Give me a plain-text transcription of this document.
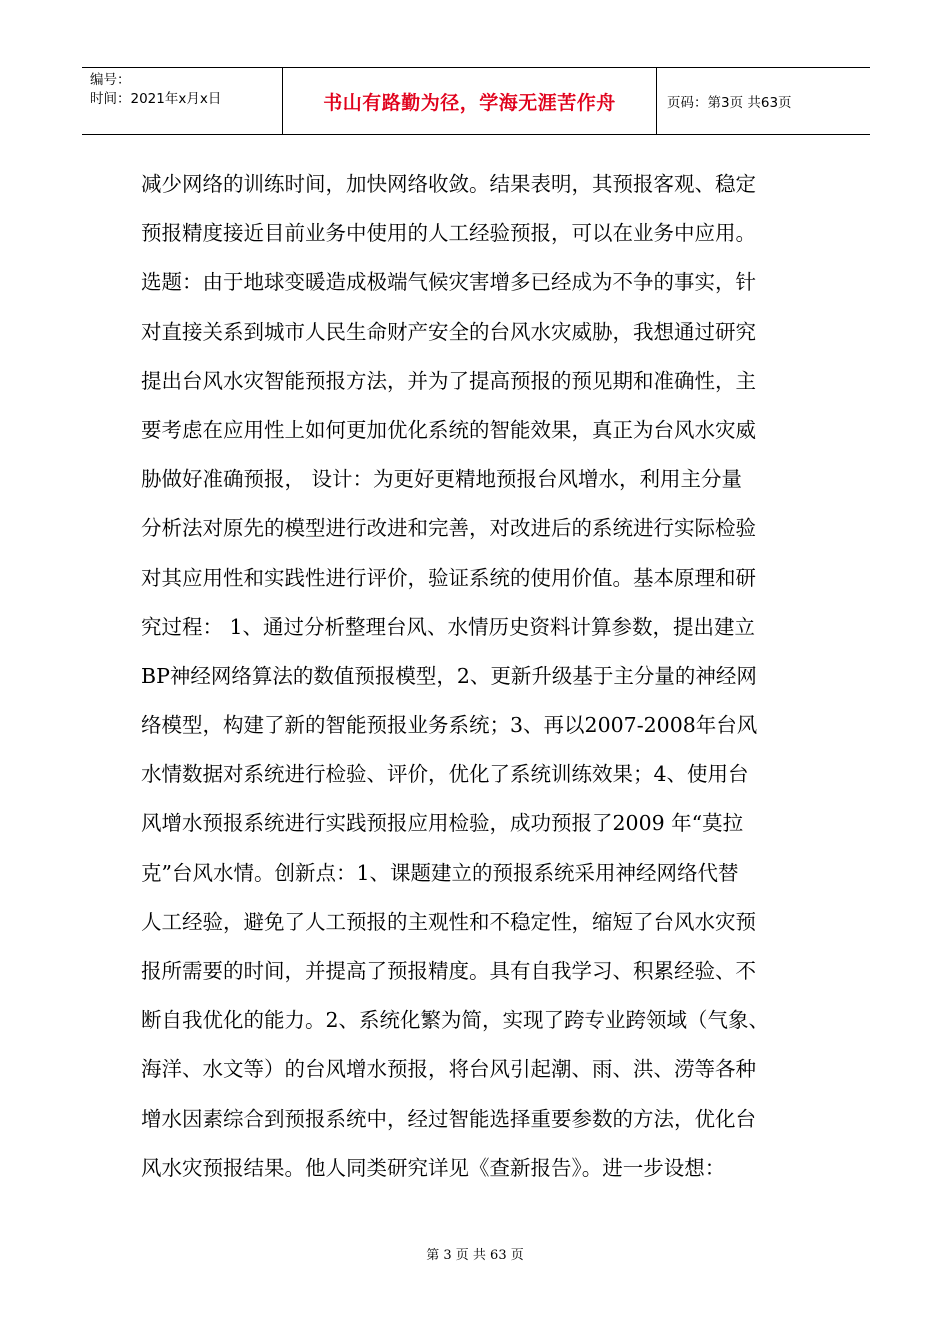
编号：
时间：2021年x月x日	书山有路勤为径，学海无涯苦作舟	页码：第3页 共63页
减少网络的训练时间，加快网络收敛。结果表明，其预报客观、稳定
预报精度接近目前业务中使用的人工经验预报，可以在业务中应用。
选题：由于地球变暖造成极端气候灾害增多已经成为不争的事实，针
对直接关系到城市人民生命财产安全的台风水灾威胁，我想通过研究
提出台风水灾智能预报方法，并为了提高预报的预见期和准确性，主
要考虑在应用性上如何更加优化系统的智能效果，真正为台风水灾威
胁做好准确预报， 设计：为更好更精地预报台风增水，利用主分量
分析法对原先的模型进行改进和完善，对改进后的系统进行实际检验
对其应用性和实践性进行评价，验证系统的使用价值。基本原理和研
究过程： 1、通过分析整理台风、水情历史资料计算参数，提出建立
BP神经网络算法的数值预报模型，2、更新升级基于主分量的神经网
络模型，构建了新的智能预报业务系统；3、再以2007-2008年台风
水情数据对系统进行检验、评价，优化了系统训练效果；4、使用台
风增水预报系统进行实践预报应用检验，成功预报了2009 年“莫拉
克”台风水情。创新点：1、课题建立的预报系统采用神经网络代替
人工经验，避免了人工预报的主观性和不稳定性，缩短了台风水灾预
报所需要的时间，并提高了预报精度。具有自我学习、积累经验、不
断自我优化的能力。2、系统化繁为简，实现了跨专业跨领域（气象、
海洋、水文等）的台风增水预报，将台风引起潮、雨、洪、涝等各种
增水因素综合到预报系统中，经过智能选择重要参数的方法，优化台
风水灾预报结果。他人同类研究详见《查新报告》。进一步设想：
第 3 页 共 63 页
